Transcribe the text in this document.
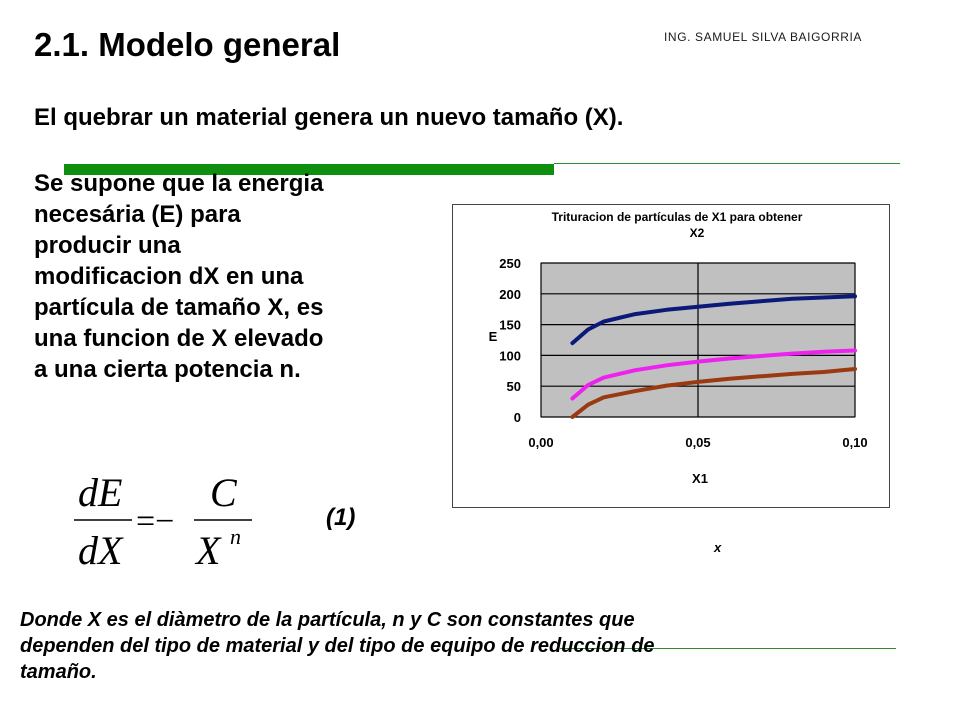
ING. SAMUEL SILVA BAIGORRIA
2.1. Modelo general

El quebrar un material genera un nuevo tamaño (X).

Se supone que la energia
necesária (E) para
producir una
modificacion dX en una
partícula de tamaño X, es
una funcion de X elevado
a una cierta potencia n.

dE
dX
C
X n
=−	(1)
Trituracion de partículas de X1 para obtener
X2
0
50
100
150
200
250
0,00	0,05	0,10
E
X1
x

Donde X es el diàmetro de la partícula, n y C son constantes que
dependen del tipo de material y del tipo de equipo de reduccion de
tamaño.
